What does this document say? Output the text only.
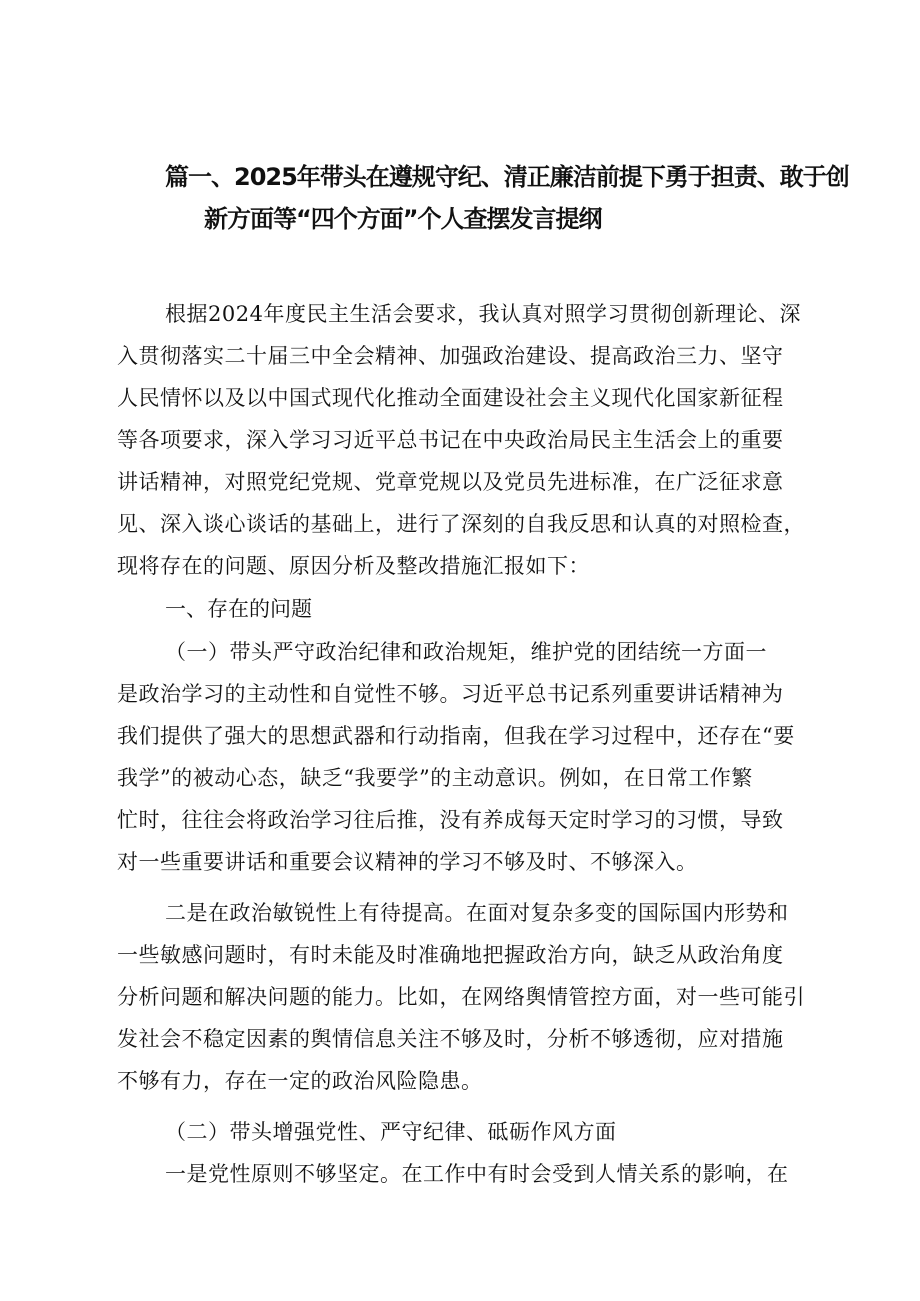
篇一、2025年带头在遵规守纪、清正廉洁前提下勇于担责、敢于创
新方面等“四个方面”个人查摆发言提纲
根据2024年度民主生活会要求，我认真对照学习贯彻创新理论、深
入贯彻落实二十届三中全会精神、加强政治建设、提高政治三力、坚守
人民情怀以及以中国式现代化推动全面建设社会主义现代化国家新征程
等各项要求，深入学习习近平总书记在中央政治局民主生活会上的重要
讲话精神，对照党纪党规、党章党规以及党员先进标准，在广泛征求意
见、深入谈心谈话的基础上，进行了深刻的自我反思和认真的对照检查，
现将存在的问题、原因分析及整改措施汇报如下：
一、存在的问题
（一）带头严守政治纪律和政治规矩，维护党的团结统一方面一
是政治学习的主动性和自觉性不够。习近平总书记系列重要讲话精神为
我们提供了强大的思想武器和行动指南，但我在学习过程中，还存在“要
我学”的被动心态，缺乏“我要学”的主动意识。例如，在日常工作繁
忙时，往往会将政治学习往后推，没有养成每天定时学习的习惯，导致
对一些重要讲话和重要会议精神的学习不够及时、不够深入。
二是在政治敏锐性上有待提高。在面对复杂多变的国际国内形势和
一些敏感问题时，有时未能及时准确地把握政治方向，缺乏从政治角度
分析问题和解决问题的能力。比如，在网络舆情管控方面，对一些可能引
发社会不稳定因素的舆情信息关注不够及时，分析不够透彻，应对措施
不够有力，存在一定的政治风险隐患。
（二）带头增强党性、严守纪律、砥砺作风方面
一是党性原则不够坚定。在工作中有时会受到人情关系的影响，在
